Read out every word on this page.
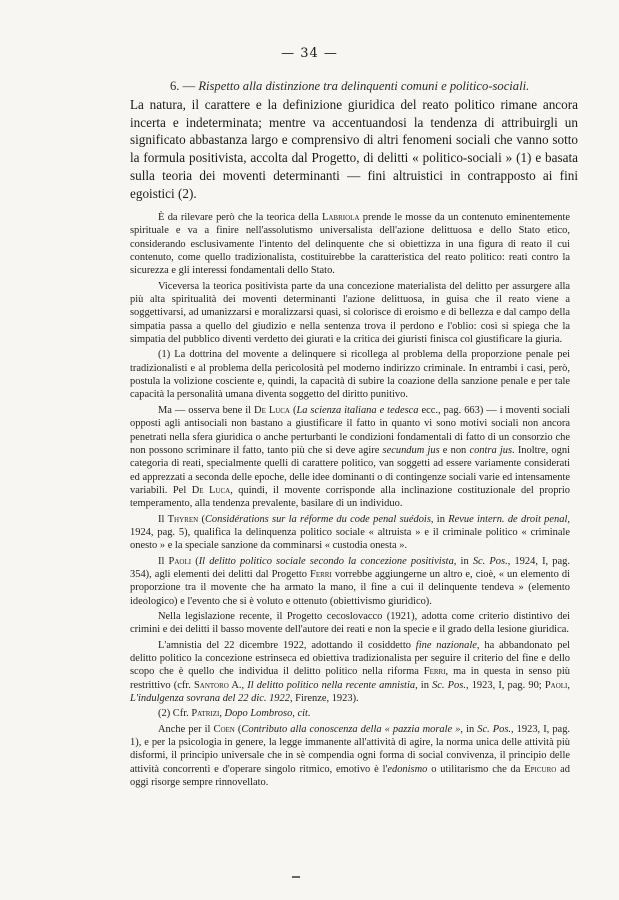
— 34 —
6. — Rispetto alla distinzione tra delinquenti comuni e politico-sociali.

La natura, il carattere e la definizione giuridica del reato politico rimane ancora incerta e indeterminata; mentre va accentuandosi la tendenza di attribuirgli un significato abbastanza largo e comprensivo di altri fenomeni sociali che vanno sotto la formula positivista, accolta dal Progetto, di delitti « politico-sociali » (1) e basata sulla teoria dei moventi determinanti — fini altruistici in contrapposto ai fini egoistici (2).

È da rilevare però che la teorica della Labriola prende le mosse da un contenuto eminentemente spirituale e va a finire nell'assolutismo universalista dell'azione delittuosa e dello Stato etico, considerando esclusivamente l'intento del delinquente che si obiettizza in una figura di reato il cui contenuto, come quello tradizionalista, costituirebbe la caratteristica del reato politico: reati contro la sicurezza e gli interessi fondamentali dello Stato.

Viceversa la teorica positivista parte da una concezione materialista del delitto per assurgere alla più alta spiritualità dei moventi determinanti l'azione delittuosa, in guisa che il reato viene a soggettivarsi, ad umanizzarsi e moralizzarsi quasi, si colorisce di eroismo e di bellezza e dal campo della simpatia passa a quello del giudizio e nella sentenza trova il perdono e l'oblio: così si spiega che la simpatia del pubblico diventi verdetto dei giurati e la critica dei giuristi finisca col giustificare la giuria.

(1) La dottrina del movente a delinquere si ricollega al problema della proporzione penale pei tradizionalisti e al problema della pericolosità pel moderno indirizzo criminale. In entrambi i casi, però, postula la volizione cosciente e, quindi, la capacità di subire la coazione della sanzione penale e per tale capacità la personalità umana diventa soggetto del diritto punitivo.

Ma — osserva bene il De Luca (La scienza italiana e tedesca ecc., pag. 663) — i moventi sociali opposti agli antisociali non bastano a giustificare il fatto in quanto vi sono motivi sociali non ancora penetrati nella sfera giuridica o anche perturbanti le condizioni fondamentali di fatto di un consorzio che non possono scriminare il fatto, tanto più che si deve agire secundum jus e non contra jus. Inoltre, ogni categoria di reati, specialmente quelli di carattere politico, van soggetti ad essere variamente considerati ed apprezzati a seconda delle epoche, delle idee dominanti o di contingenze sociali varie ed intensamente variabili. Pel De Luca, quindi, il movente corrisponde alla inclinazione costituzionale del proprio temperamento, alla tendenza prevalente, basilare di un individuo.

Il Thyren (Considérations sur la réforme du code penal suédois, in Revue intern. de droit penal, 1924, pag. 5), qualifica la delinquenza politico sociale « altruista » e il criminale politico « criminale onesto » e la speciale sanzione da comminarsi « custodia onesta ».

Il Paoli (Il delitto politico sociale secondo la concezione positivista, in Sc. Pos., 1924, I, pag. 354), agli elementi dei delitti dal Progetto Ferri vorrebbe aggiungerne un altro e, cioè, « un elemento di proporzione tra il movente che ha armato la mano, il fine a cui il delinquente tendeva » (elemento ideologico) e l'evento che si è voluto e ottenuto (obiettivismo giuridico).

Nella legislazione recente, il Progetto cecoslovacco (1921), adotta come criterio distintivo dei crimini e dei delitti il basso movente dell'autore dei reati e non la specie e il grado della lesione giuridica.

L'amnistia del 22 dicembre 1922, adottando il cosiddetto fine nazionale, ha abbandonato pel delitto politico la concezione estrinseca ed obiettiva tradizionalista per seguire il criterio del fine e dello scopo che è quello che individua il delitto politico nella riforma Ferri, ma in questa in senso più restrittivo (cfr. Santoro A., Il delitto politico nella recente amnistia, in Sc. Pos., 1923, I, pag. 90; Paoli, L'indulgenza sovrana del 22 dic. 1922, Firenze, 1923).

(2) Cfr. Patrizi, Dopo Lombroso, cit.

Anche per il Coen (Contributo alla conoscenza della « pazzia morale », in Sc. Pos., 1923, I, pag. 1), e per la psicologia in genere, la legge immanente all'attività di agire, la norma unica delle attività più disformi, il principio universale che in sè compendia ogni forma di social convivenza, il principio delle attività concorrenti e d'operare singolo ritmico, emotivo è l'edonismo o utilitarismo che da Epicuro ad oggi risorge sempre rinnovellato.
